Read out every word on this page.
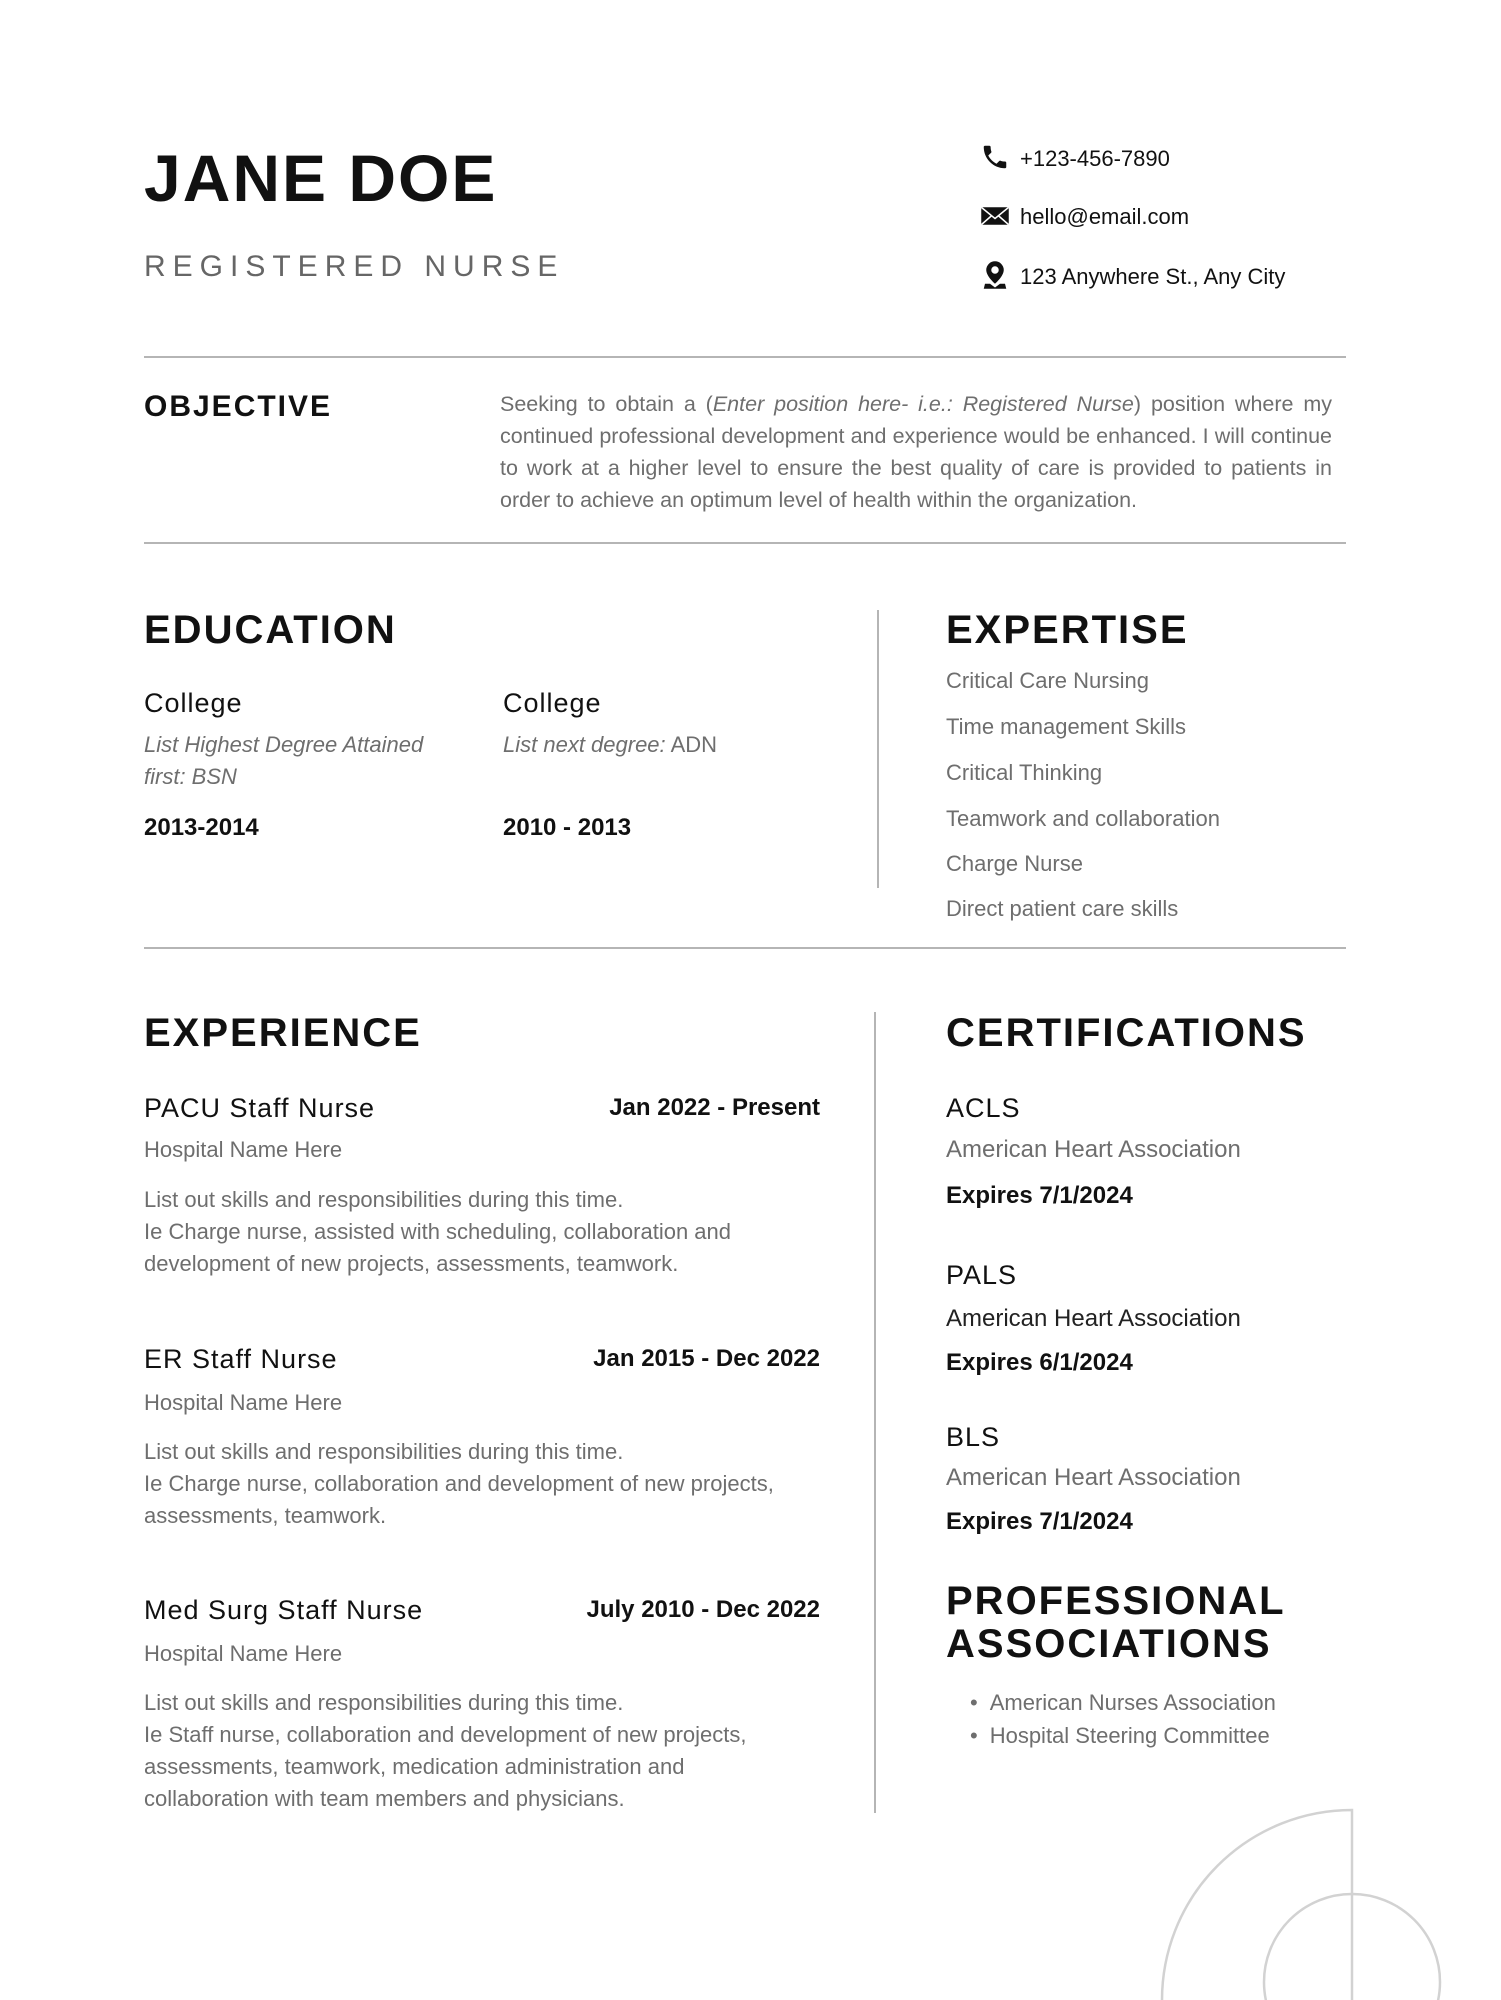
JANE DOE
REGISTERED NURSE
+123-456-7890
hello@email.com
123 Anywhere St., Any City
OBJECTIVE	Seeking to obtain a (Enter position here- i.e.: Registered Nurse) position where my continued professional development and experience would be enhanced. I will continue to work at a higher level to ensure the best quality of care is provided to patients in order to achieve an optimum level of health within the organization.
EDUCATION
College
List Highest Degree Attained
first: BSN
2013-2014
College
List next degree: ADN
2010 - 2013
EXPERTISE
Critical Care Nursing
Time management Skills
Critical Thinking
Teamwork and collaboration
Charge Nurse
Direct patient care skills
EXPERIENCE
PACU Staff Nurse	Jan 2022 - Present
Hospital Name Here
List out skills and responsibilities during this time.
Ie Charge nurse, assisted with scheduling, collaboration and
development of new projects, assessments, teamwork.
ER Staff Nurse	Jan 2015 - Dec 2022
Hospital Name Here
List out skills and responsibilities during this time.
Ie Charge nurse, collaboration and development of new projects,
assessments, teamwork.
Med Surg Staff Nurse	July 2010 - Dec 2022
Hospital Name Here
List out skills and responsibilities during this time.
Ie Staff nurse, collaboration and development of new projects,
assessments, teamwork, medication administration and
collaboration with team members and physicians.
CERTIFICATIONS
ACLS
American Heart Association
Expires 7/1/2024
PALS
American Heart Association
Expires 6/1/2024
BLS
American Heart Association
Expires 7/1/2024
PROFESSIONAL
ASSOCIATIONS
• American Nurses Association
• Hospital Steering Committee
